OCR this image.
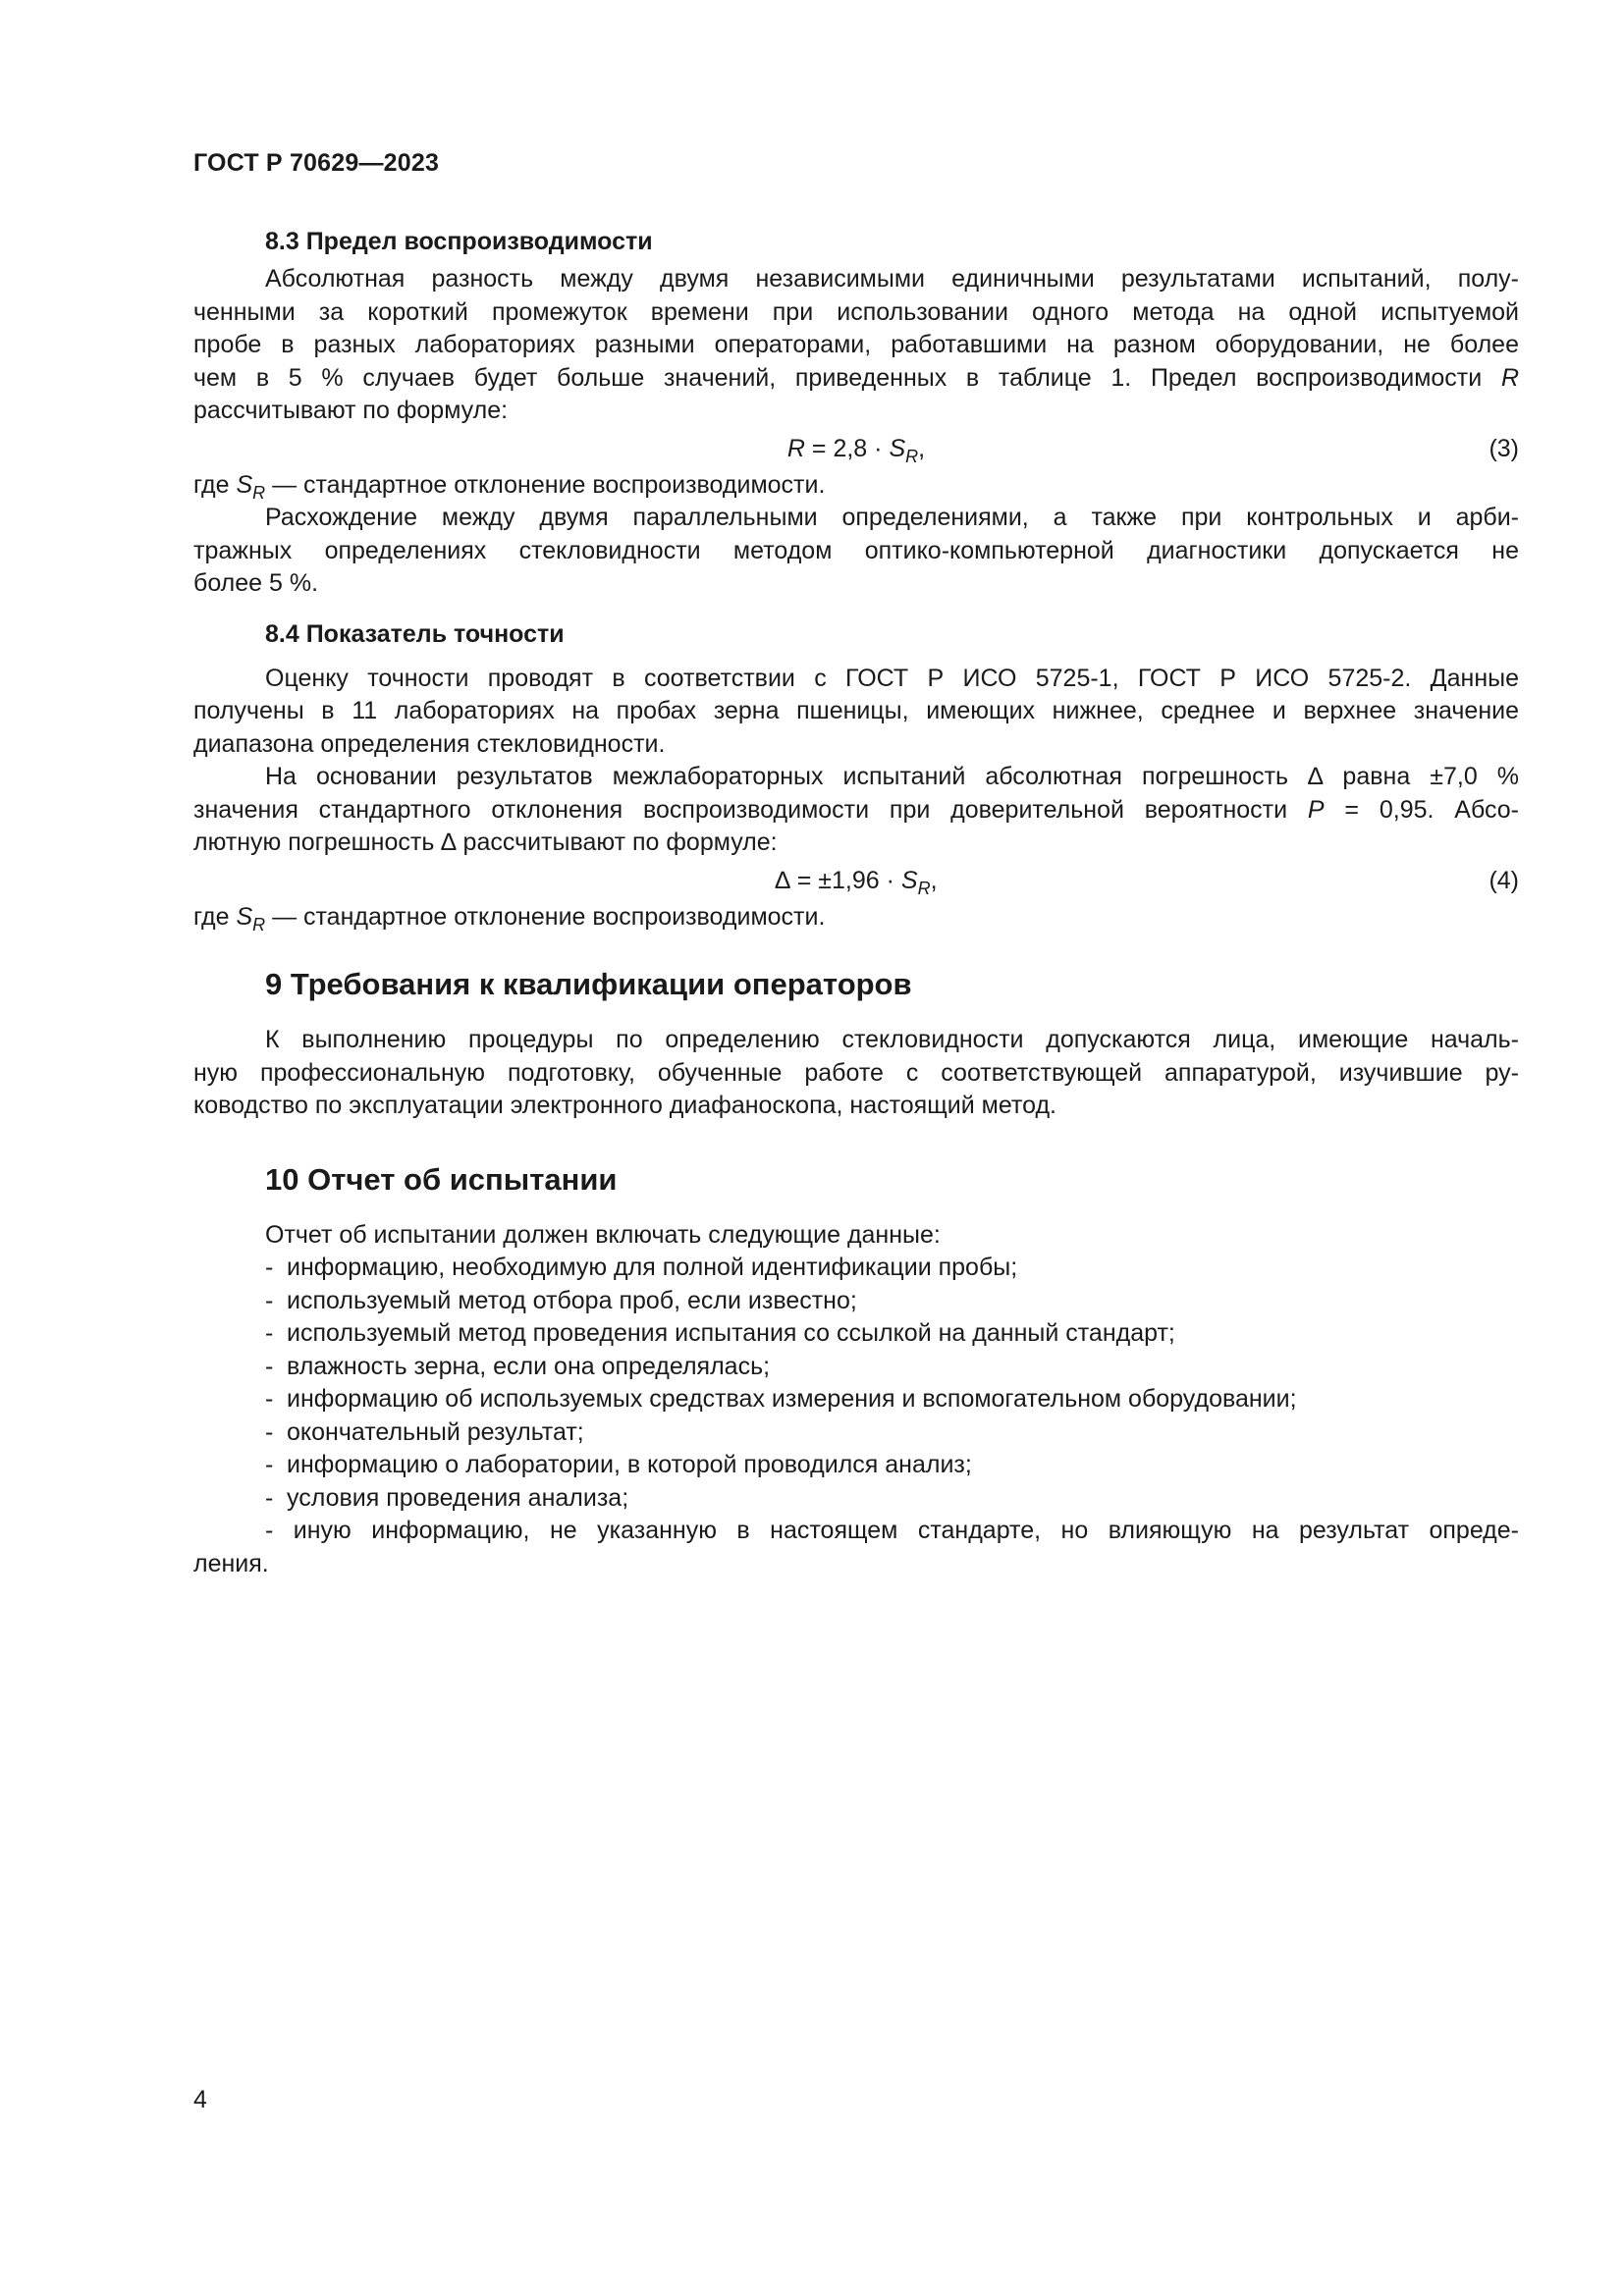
ГОСТ Р 70629—2023
8.3 Предел воспроизводимости

Абсолютная разность между двумя независимыми единичными результатами испытаний, полу-

ченными за короткий промежуток времени при использовании одного метода на одной испытуемой

пробе в разных лабораториях разными операторами, работавшими на разном оборудовании, не более

чем в 5 % случаев будет больше значений, приведенных в таблице 1. Предел воспроизводимости R

рассчитывают по формуле:

$R = 2,8 \cdot S_R$,	(3)

где $S_R$ — стандартное отклонение воспроизводимости.

Расхождение между двумя параллельными определениями, а также при контрольных и арби-

тражных определениях стекловидности методом оптико-компьютерной диагностики допускается не

более 5 %.

8.4 Показатель точности

Оценку точности проводят в соответствии с ГОСТ Р ИСО 5725-1, ГОСТ Р ИСО 5725-2. Данные

получены в 11 лабораториях на пробах зерна пшеницы, имеющих нижнее, среднее и верхнее значение

диапазона определения стекловидности.

На основании результатов межлабораторных испытаний абсолютная погрешность ∆ равна ±7,0 %

значения стандартного отклонения воспроизводимости при доверительной вероятности P = 0,95. Абсо-

лютную погрешность ∆ рассчитывают по формуле:

∆ = $\pm 1,96 \cdot S_R$,	(4)

где $S_R$ — стандартное отклонение воспроизводимости.

9 Требования к квалификации операторов

К выполнению процедуры по определению стекловидности допускаются лица, имеющие началь-

ную профессиональную подготовку, обученные работе с соответствующей аппаратурой, изучившие ру-

ководство по эксплуатации электронного диафаноскопа, настоящий метод.

10 Отчет об испытании

Отчет об испытании должен включать следующие данные:

- информацию, необходимую для полной идентификации пробы;
- используемый метод отбора проб, если известно;
- используемый метод проведения испытания со ссылкой на данный стандарт;
- влажность зерна, если она определялась;
- информацию об используемых средствах измерения и вспомогательном оборудовании;
- окончательный результат;
- информацию о лаборатории, в которой проводился анализ;
- условия проведения анализа;

- иную информацию, не указанную в настоящем стандарте, но влияющую на результат опреде-

ления.

4
